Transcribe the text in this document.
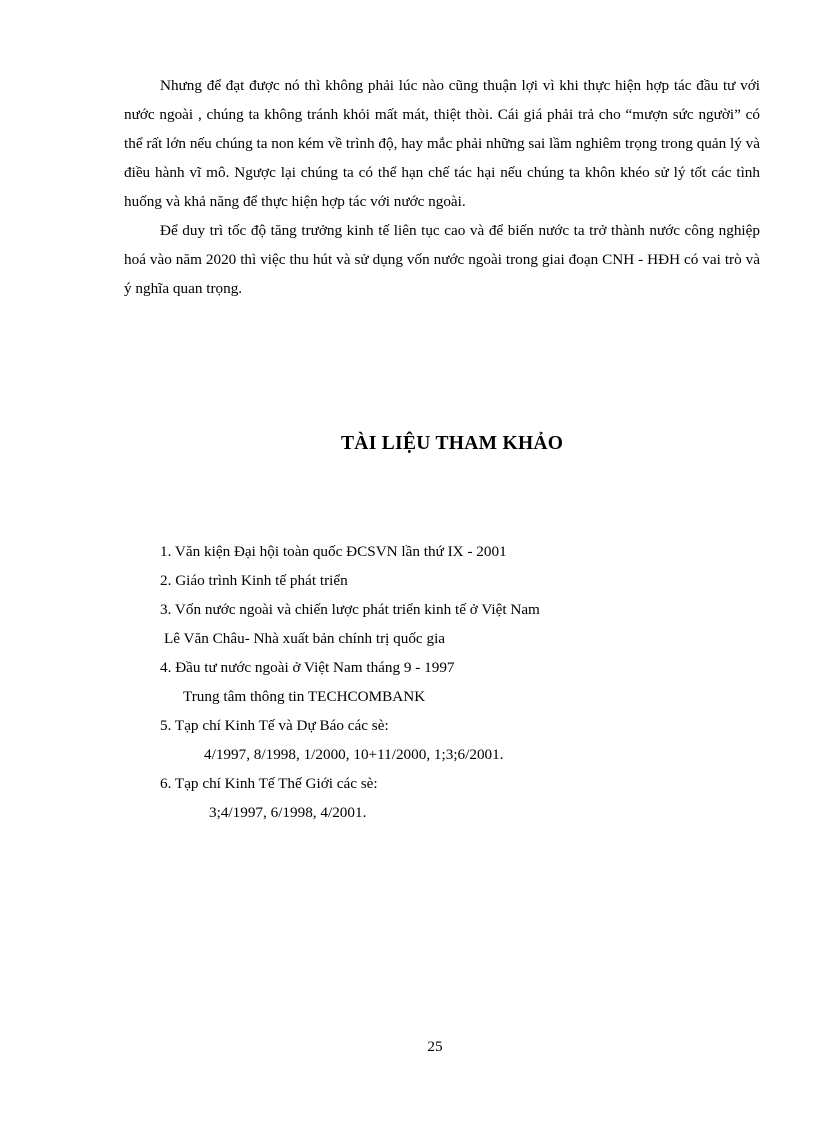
Nhưng để đạt được nó thì không phải lúc nào cũng thuận lợi vì khi thực hiện hợp tác đầu tư với nước ngoài , chúng ta không tránh khỏi mất mát, thiệt thòi. Cái giá phải trả cho “mượn sức người” có thể rất lớn nếu chúng ta non kém về trình độ, hay mắc phải những sai lầm nghiêm trọng trong quản lý và điều hành vĩ mô. Ngược lại chúng ta có thể hạn chế tác hại nếu chúng ta khôn khéo sử lý tốt các tình huống và khả năng để thực hiện hợp tác với nước ngoài.

Để duy trì tốc độ tăng trưởng kinh tế liên tục cao và để biến nước ta trở thành nước công nghiệp hoá vào năm 2020 thì việc thu hút và sử dụng vốn nước ngoài trong giai đoạn CNH - HĐH có vai trò và ý nghĩa quan trọng.

TÀI LIỆU THAM KHẢO
1. Văn kiện Đại hội toàn quốc ĐCSVN lần thứ IX - 2001
2. Giáo trình Kinh tế phát triển
3. Vốn nước ngoài và chiến lược phát triển kinh tế ở Việt Nam
Lê Văn Châu- Nhà xuất bản chính trị quốc gia
4. Đầu tư nước ngoài ở Việt Nam tháng 9 - 1997
Trung tâm thông tin TECHCOMBANK
5. Tạp chí Kinh Tế và Dự Báo các sè:
4/1997, 8/1998, 1/2000, 10+11/2000, 1;3;6/2001.
6. Tạp chí Kinh Tế Thế Giới các sè:
3;4/1997, 6/1998, 4/2001.
25
